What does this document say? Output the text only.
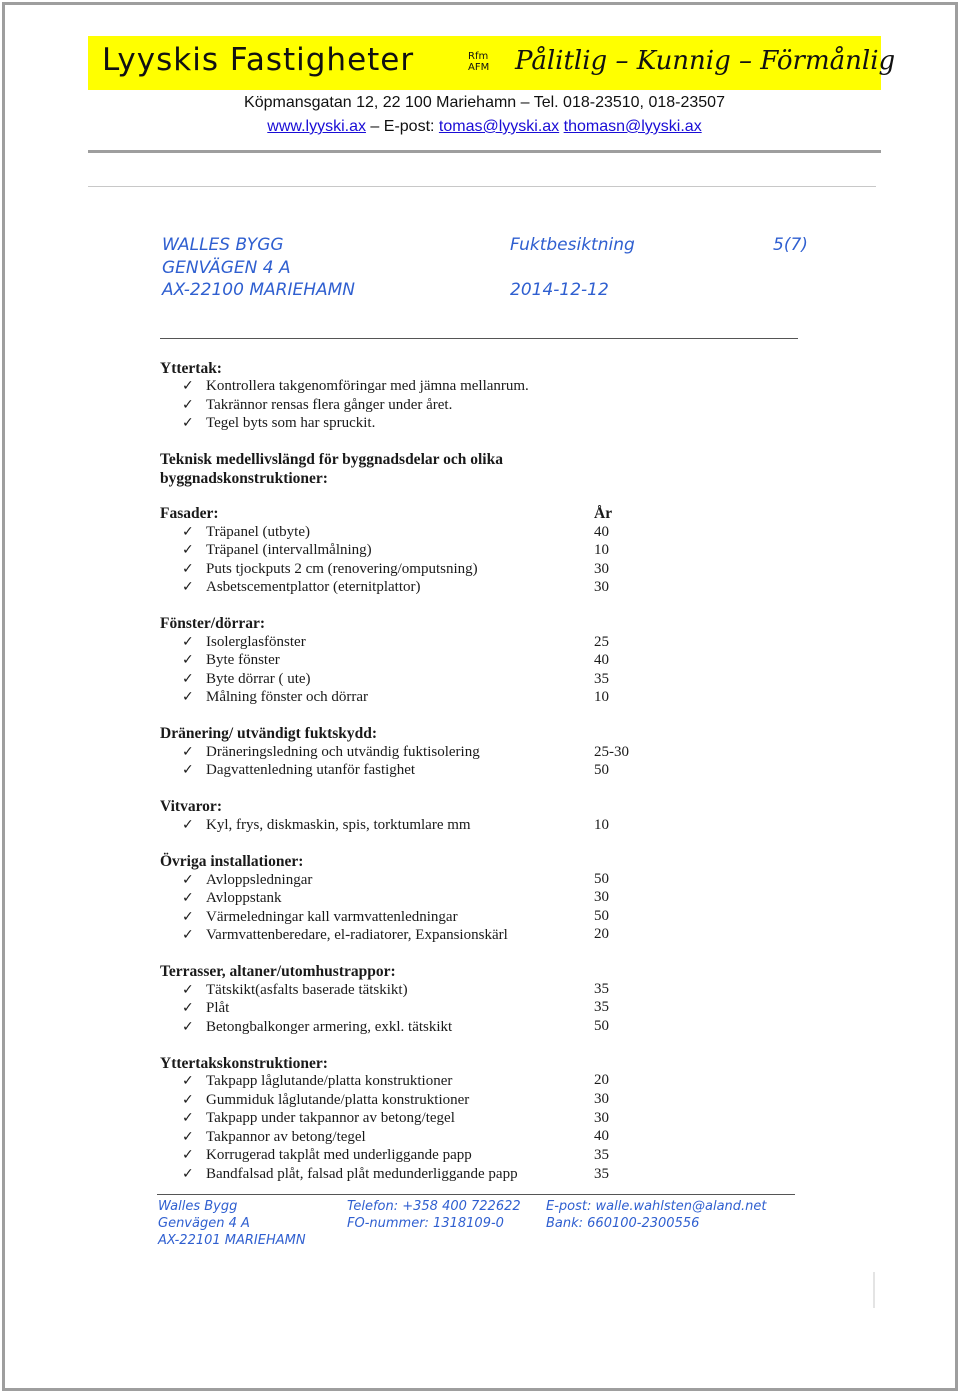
Lyyskis Fastigheter	Rfm
AFM Pålitlig – Kunnig – Förmånlig
Köpmansgatan 12, 22 100 Mariehamn – Tel. 018-23510, 018-23507
www.lyyski.ax – E-post: tomas@lyyski.ax thomasn@lyyski.ax
WALLES BYGG
GENVÄGEN 4 A
AX-22100 MARIEHAMN
Fuktbesiktning
2014-12-12
5(7)
Yttertak:
✓ Kontrollera takgenomföringar med jämna mellanrum.
✓ Takrännor rensas flera gånger under året.
✓ Tegel byts som har spruckit.
Teknisk medellivslängd för byggnadsdelar och olika
byggnadskonstruktioner:
Fasader:	År
✓ Träpanel (utbyte)	40
✓ Träpanel (intervallmålning)	10
✓ Puts tjockputs 2 cm (renovering/omputsning)	30
✓ Asbetscementplattor (eternitplattor)	30
Fönster/dörrar:
✓ Isolerglasfönster	25
✓ Byte fönster	40
✓ Byte dörrar ( ute)	35
✓ Målning fönster och dörrar	10
Dränering/ utvändigt fuktskydd:
✓ Dräneringsledning och utvändig fuktisolering	25-30
✓ Dagvattenledning utanför fastighet	50
Vitvaror:
✓ Kyl, frys, diskmaskin, spis, torktumlare mm	10
Övriga installationer:
✓ Avloppsledningar	50
✓ Avloppstank	30
✓ Värmeledningar kall varmvattenledningar	50
✓ Varmvattenberedare, el-radiatorer, Expansionskärl	20
Terrasser, altaner/utomhustrappor:
✓ Tätskikt(asfalts baserade tätskikt)	35
✓ Plåt	35
✓ Betongbalkonger armering, exkl. tätskikt	50
Yttertakskonstruktioner:
✓ Takpapp låglutande/platta konstruktioner	20
✓ Gummiduk låglutande/platta konstruktioner	30
✓ Takpapp under takpannor av betong/tegel	30
✓ Takpannor av betong/tegel	40
✓ Korrugerad takplåt med underliggande papp	35
✓ Bandfalsad plåt, falsad plåt medunderliggande papp	35
Walles Bygg
Genvägen 4 A
AX-22101 MARIEHAMN
Telefon: +358 400 722622
FO-nummer: 1318109-0
E-post: walle.wahlsten@aland.net
Bank: 660100-2300556
